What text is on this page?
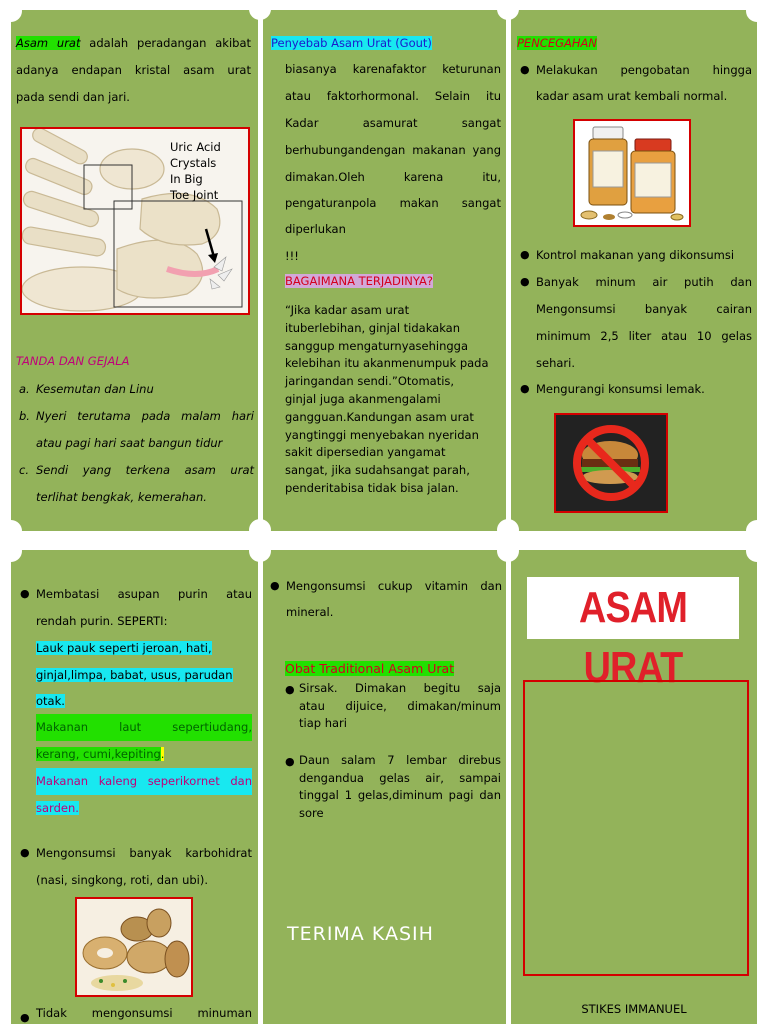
Asam urat adalah peradangan akibat
adanya endapan kristal asam urat
pada sendi dan jari.
Uric Acid
Crystals
In Big
Toe Joint
TANDA DAN GEJALA
a. Kesemutan dan Linu
b. Nyeri terutama pada malam hari
atau pagi hari saat bangun tidur
c. Sendi yang terkena asam urat
terlihat bengkak, kemerahan.
Penyebab Asam Urat (Gout)
biasanya karenafaktor keturunan
atau faktorhormonal. Selain itu
Kadar asamurat sangat
berhubungandengan makanan yang
dimakan.Oleh karena itu,
pengaturanpola makan sangat
diperlukan
!!!
BAGAIMANA TERJADINYA?
“Jika kadar asam urat
ituberlebihan, ginjal tidakakan
sanggup mengaturnyasehingga
kelebihan itu akanmenumpuk pada
jaringandan sendi.”Otomatis,
ginjal juga akanmengalami
gangguan.Kandungan asam urat
yangtinggi menyebakan nyeridan
sakit dipersedian yangamat
sangat, jika sudahsangat parah,
penderitabisa tidak bisa jalan.
PENCEGAHAN
● Melakukan pengobatan hingga
kadar asam urat kembali normal.
● Kontrol makanan yang dikonsumsi
● Banyak minum air putih dan
Mengonsumsi banyak cairan
minimum 2,5 liter atau 10 gelas
sehari.
● Mengurangi konsumsi lemak.
● Membatasi asupan purin atau
rendah purin. SEPERTI:
Lauk pauk seperti jeroan, hati,
ginjal,limpa, babat, usus, parudan
otak.
Makanan laut sepertiudang,
kerang, cumi,kepiting.
Makanan kaleng seperikornet dan
sarden.
● Mengonsumsi banyak karbohidrat
(nasi, singkong, roti, dan ubi).
● Tidak mengonsumsi minuman
● Mengonsumsi cukup vitamin dan
mineral.
Obat Traditional Asam Urat
● Sirsak. Dimakan begitu saja
atau dijuice, dimakan/minum
tiap hari
● Daun salam 7 lembar direbus
dengandua gelas air, sampai
tinggal 1 gelas,diminum pagi dan
sore
TERIMA KASIH
ASAM URAT
STIKES IMMANUEL
